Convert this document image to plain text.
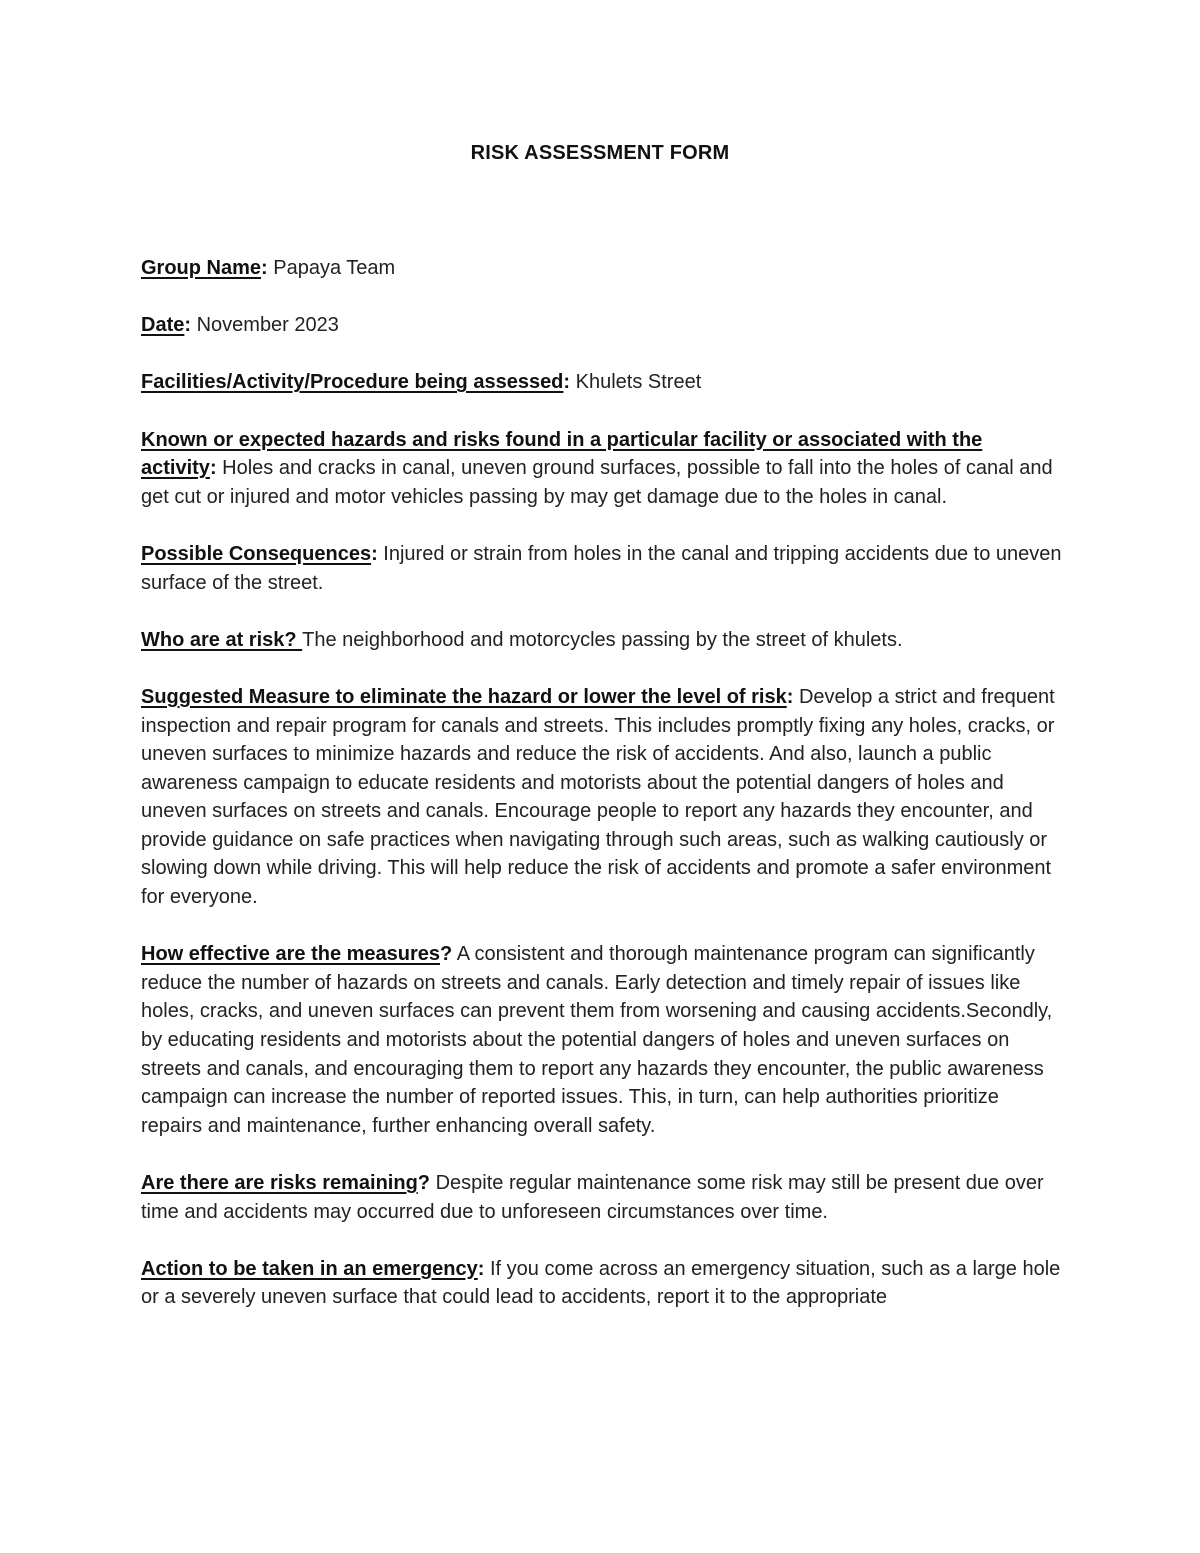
RISK ASSESSMENT FORM
Group Name: Papaya Team
Date: November 2023
Facilities/Activity/Procedure being assessed: Khulets Street
Known or expected hazards and risks found in a particular facility or associated with the activity: Holes and cracks in canal, uneven ground surfaces, possible to fall into the holes of canal and get cut or injured and motor vehicles passing by may get damage due to the holes in canal.
Possible Consequences: Injured or strain from holes in the canal and tripping accidents due to uneven surface of the street.
Who are at risk? The neighborhood and motorcycles passing by the street of khulets.
Suggested Measure to eliminate the hazard or lower the level of risk: Develop a strict and frequent inspection and repair program for canals and streets. This includes promptly fixing any holes, cracks, or uneven surfaces to minimize hazards and reduce the risk of accidents. And also, launch a public awareness campaign to educate residents and motorists about the potential dangers of holes and uneven surfaces on streets and canals. Encourage people to report any hazards they encounter, and provide guidance on safe practices when navigating through such areas, such as walking cautiously or slowing down while driving. This will help reduce the risk of accidents and promote a safer environment for everyone.
How effective are the measures? A consistent and thorough maintenance program can significantly reduce the number of hazards on streets and canals. Early detection and timely repair of issues like holes, cracks, and uneven surfaces can prevent them from worsening and causing accidents.Secondly, by educating residents and motorists about the potential dangers of holes and uneven surfaces on streets and canals, and encouraging them to report any hazards they encounter, the public awareness campaign can increase the number of reported issues. This, in turn, can help authorities prioritize repairs and maintenance, further enhancing overall safety.
Are there are risks remaining? Despite regular maintenance some risk may still be present due over time and accidents may occurred due to unforeseen circumstances over time.
Action to be taken in an emergency: If you come across an emergency situation, such as a large hole or a severely uneven surface that could lead to accidents, report it to the appropriate
